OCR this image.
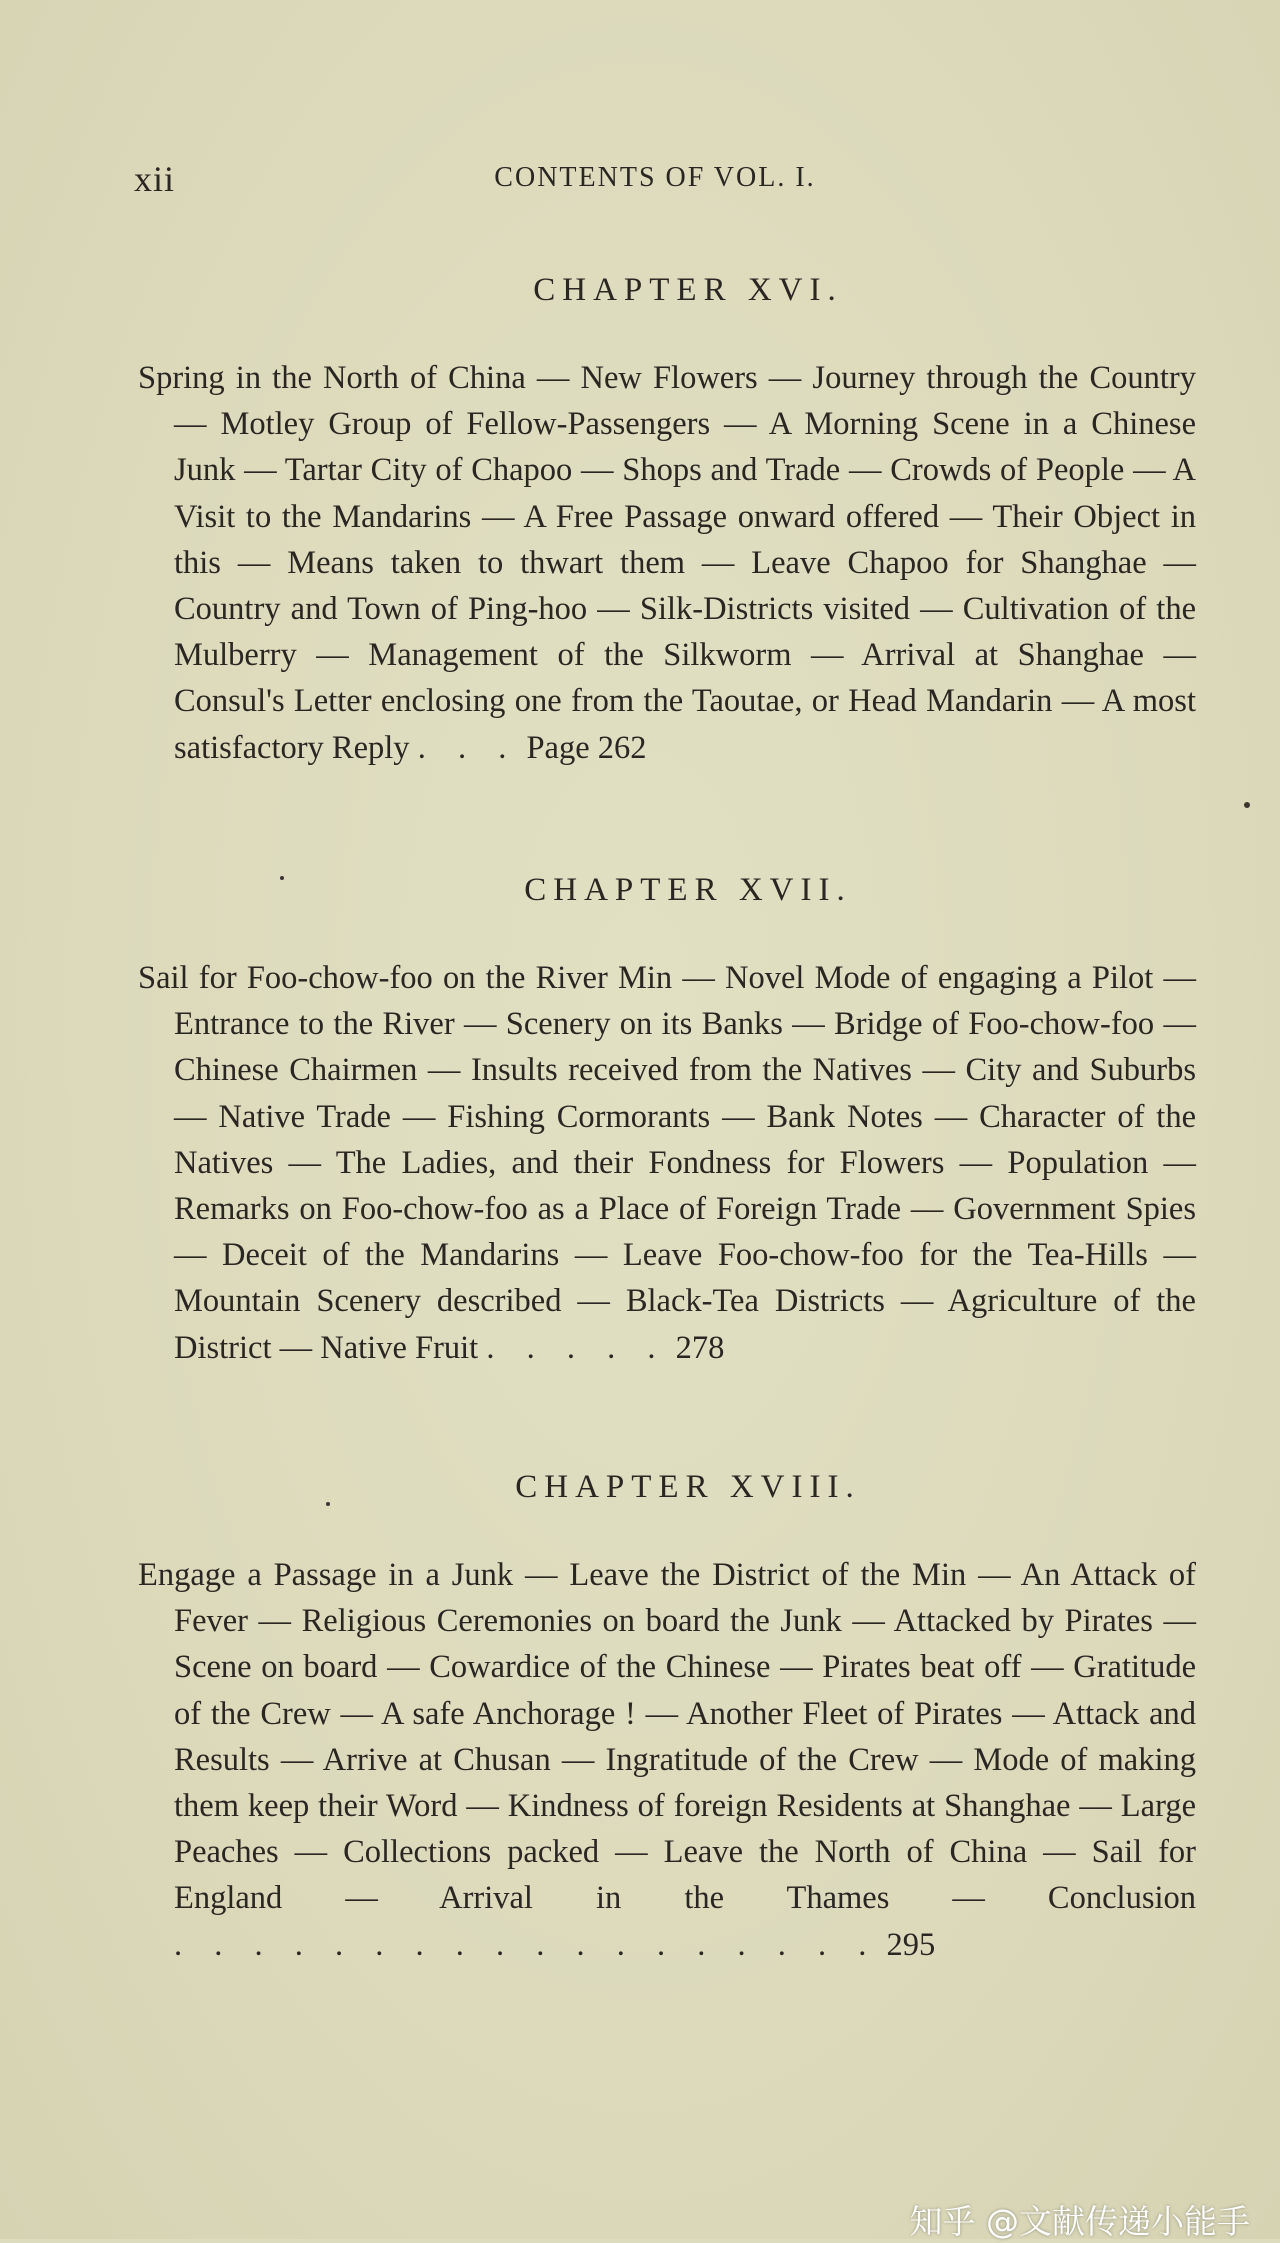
xii	CONTENTS OF VOL. I.
CHAPTER XVI.

Spring in the North of China — New Flowers — Journey through the Country — Motley Group of Fellow-Passengers — A Morning Scene in a Chinese Junk — Tartar City of Chapoo — Shops and Trade — Crowds of People — A Visit to the Mandarins — A Free Passage onward offered — Their Object in this — Means taken to thwart them — Leave Chapoo for Shanghae — Country and Town of Ping-hoo — Silk-Districts visited — Cultivation of the Mulberry — Management of the Silkworm — Arrival at Shanghae — Consul's Letter enclosing one from the Taoutae, or Head Mandarin — A most satisfactory Reply . . . Page 262

CHAPTER XVII.

Sail for Foo-chow-foo on the River Min — Novel Mode of engaging a Pilot — Entrance to the River — Scenery on its Banks — Bridge of Foo-chow-foo — Chinese Chairmen — Insults received from the Natives — City and Suburbs — Native Trade — Fishing Cormorants — Bank Notes — Character of the Natives — The Ladies, and their Fondness for Flowers — Population — Remarks on Foo-chow-foo as a Place of Foreign Trade — Government Spies — Deceit of the Mandarins — Leave Foo-chow-foo for the Tea-Hills — Mountain Scenery described — Black-Tea Districts — Agriculture of the District — Native Fruit . . . . . 278

CHAPTER XVIII.

Engage a Passage in a Junk — Leave the District of the Min — An Attack of Fever — Religious Ceremonies on board the Junk — Attacked by Pirates — Scene on board — Cowardice of the Chinese — Pirates beat off — Gratitude of the Crew — A safe Anchorage ! — Another Fleet of Pirates — Attack and Results — Arrive at Chusan — Ingratitude of the Crew — Mode of making them keep their Word — Kindness of foreign Residents at Shanghae — Large Peaches — Collections packed — Leave the North of China — Sail for England — Arrival in the Thames — Conclusion . . . . . . . . . . . . . . . . . . 295

知乎 @文献传递小能手
